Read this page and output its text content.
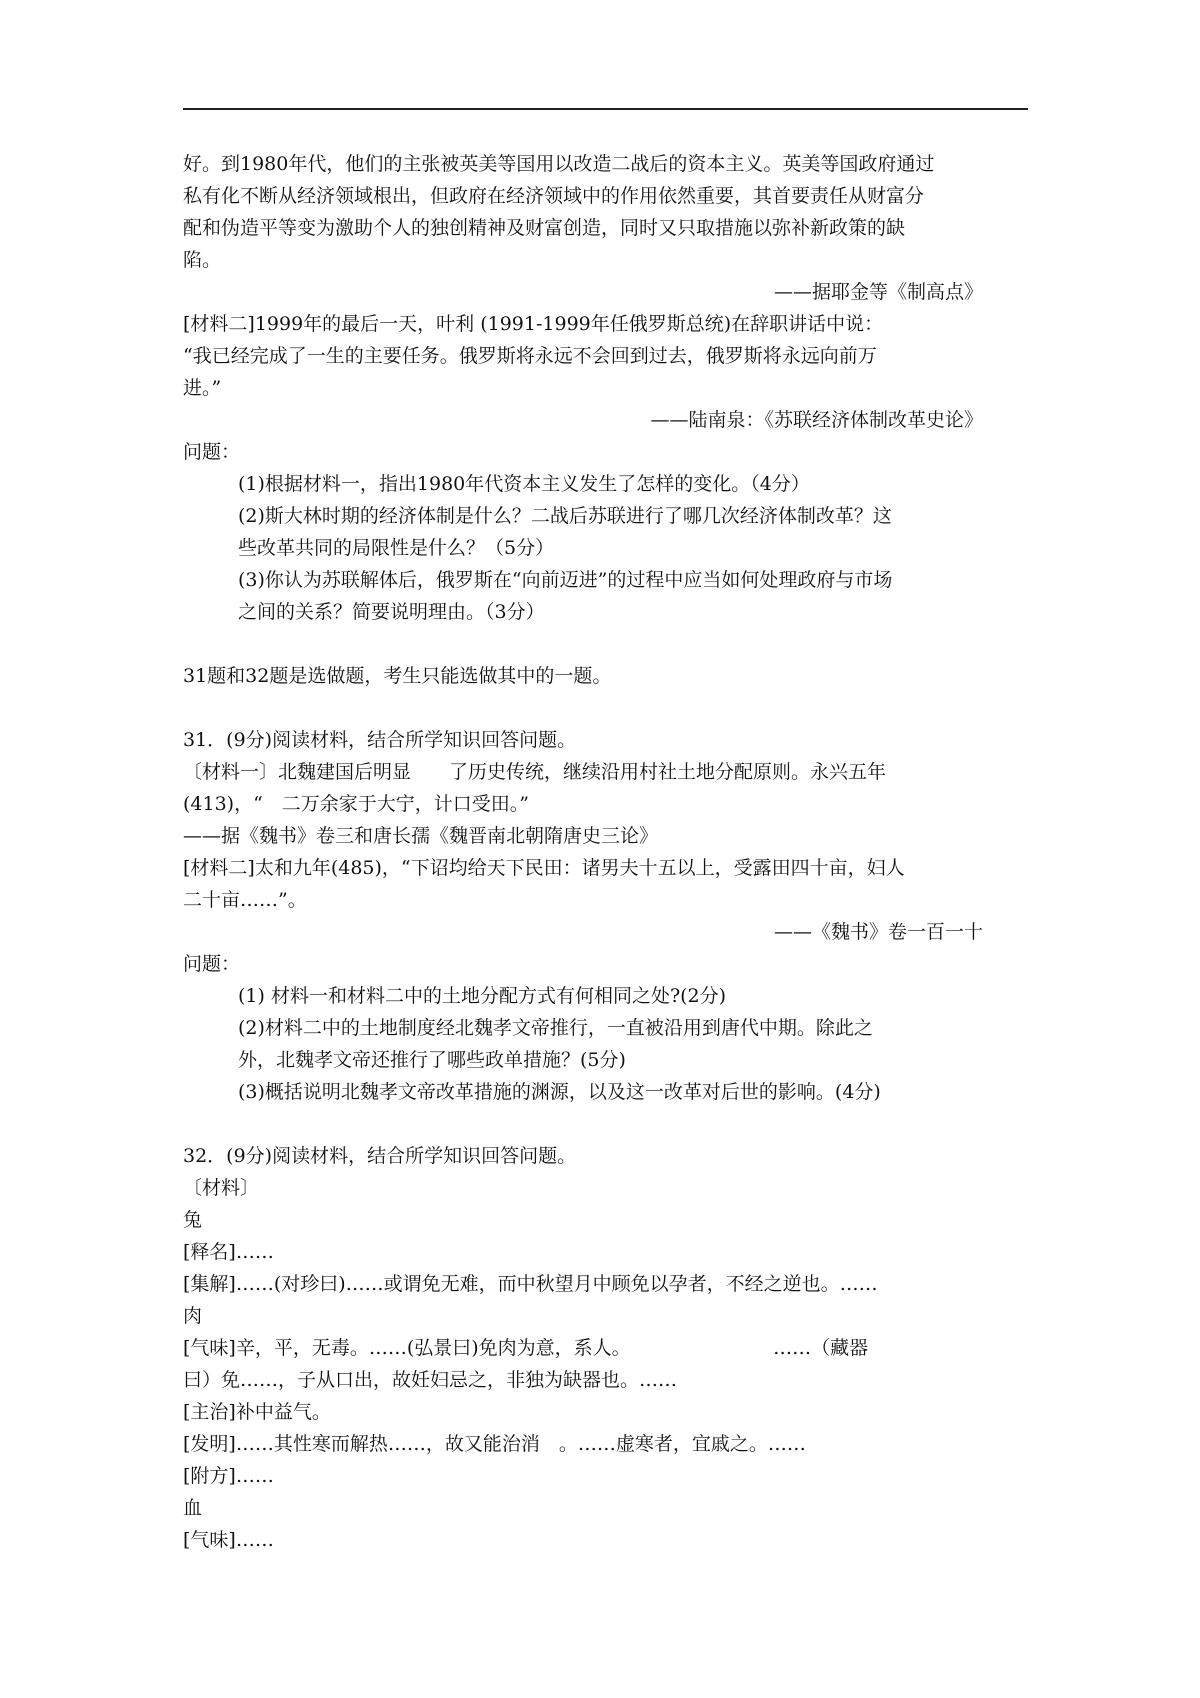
好。到1980年代，他们的主张被英美等国用以改造二战后的资本主义。英美等国政府通过
私有化不断从经济领域根出，但政府在经济领域中的作用依然重要，其首要责任从财富分
配和伪造平等变为激助个人的独创精神及财富创造，同时又只取措施以弥补新政策的缺
陷。
——据耶金等《制高点》
[材料二]1999年的最后一天，叶利 (1991-1999年任俄罗斯总统)在辞职讲话中说：
“我已经完成了一生的主要任务。俄罗斯将永远不会回到过去，俄罗斯将永远向前万
进。”
——陆南泉：《苏联经济体制改革史论》
问题：
(1)根据材料一，指出1980年代资本主义发生了怎样的变化。（4分）
(2)斯大林时期的经济体制是什么？二战后苏联进行了哪几次经济体制改革？这
些改革共同的局限性是什么？（5分）
(3)你认为苏联解体后，俄罗斯在“向前迈进”的过程中应当如何处理政府与市场
之间的关系？简要说明理由。（3分）
31题和32题是选做题，考生只能选做其中的一题。
31．(9分)阅读材料，结合所学知识回答问题。
〔材料一〕北魏建国后明显　　了历史传统，继续沿用村社土地分配原则。永兴五年
(413)，“　二万余家于大宁，计口受田。”
——据《魏书》卷三和唐长孺《魏晋南北朝隋唐史三论》
[材料二]太和九年(485)，“下诏均给天下民田：诸男夫十五以上，受露田四十亩，妇人
二十亩……”。
——《魏书》卷一百一十
问题：
(1) 材料一和材料二中的土地分配方式有何相同之处?(2分)
(2)材料二中的土地制度经北魏孝文帝推行，一直被沿用到唐代中期。除此之
外，北魏孝文帝还推行了哪些政单措施？(5分)
(3)概括说明北魏孝文帝改革措施的渊源，以及这一改革对后世的影响。(4分)
32．(9分)阅读材料，结合所学知识回答问题。
〔材料〕
兔
[释名]……
[集解]……(对珍曰)……或谓免无难，而中秋望月中顾免以孕者，不经之逆也。……
肉
[气味]辛，平，无毒。……(弘景曰)免肉为意，系人。　　　　　　　　……（藏器
曰）免……，子从口出，故妊妇忌之，非独为缺器也。……
[主治]补中益气。
[发明]……其性寒而解热……，故又能治消　。……虚寒者，宜戚之。……
[附方]……
血
[气味]……
